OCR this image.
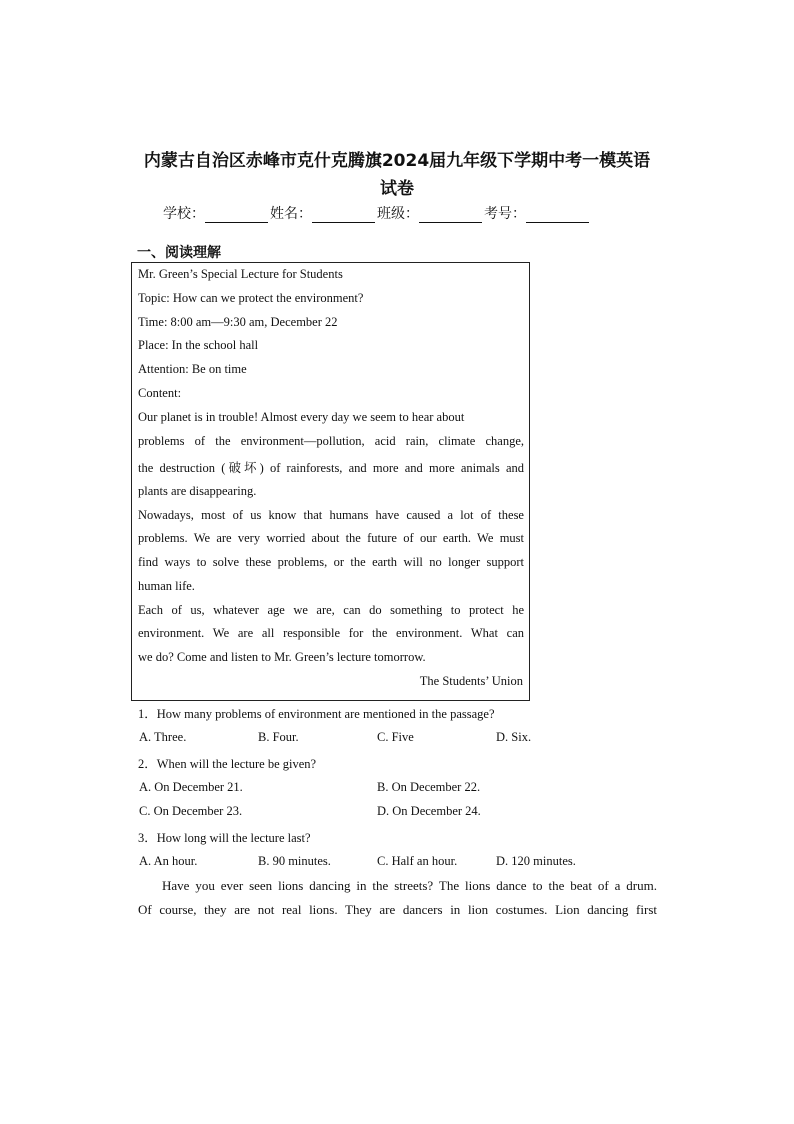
内蒙古自治区赤峰市克什克腾旗2024届九年级下学期中考一模英语
试卷
学校：	姓名：	班级：	考号：
一、阅读理解
Mr. Green’s Special Lecture for Students
Topic: How can we protect the environment?
Time: 8:00 am—9:30 am, December 22
Place: In the school hall
Attention: Be on time
Content:
Our planet is in trouble! Almost every day we seem to hear about
problems of the environment—pollution, acid rain, climate change,
the destruction (破坏) of rainforests, and more and more animals and
plants are disappearing.
Nowadays, most of us know that humans have caused a lot of these
problems. We are very worried about the future of our earth. We must
find ways to solve these problems, or the earth will no longer support
human life.
Each of us, whatever age we are, can do something to protect he
environment. We are all responsible for the environment. What can
we do? Come and listen to Mr. Green’s lecture tomorrow.
The Students’ Union
1．How many problems of environment are mentioned in the passage?
A. Three.	B. Four.	C. Five	D. Six.
2．When will the lecture be given?
A. On December 21.	B. On December 22.
C. On December 23.	D. On December 24.
3．How long will the lecture last?
A. An hour.	B. 90 minutes.	C. Half an hour.	D. 120 minutes.
Have you ever seen lions dancing in the streets? The lions dance to the beat of a drum.
Of course, they are not real lions. They are dancers in lion costumes. Lion dancing first
